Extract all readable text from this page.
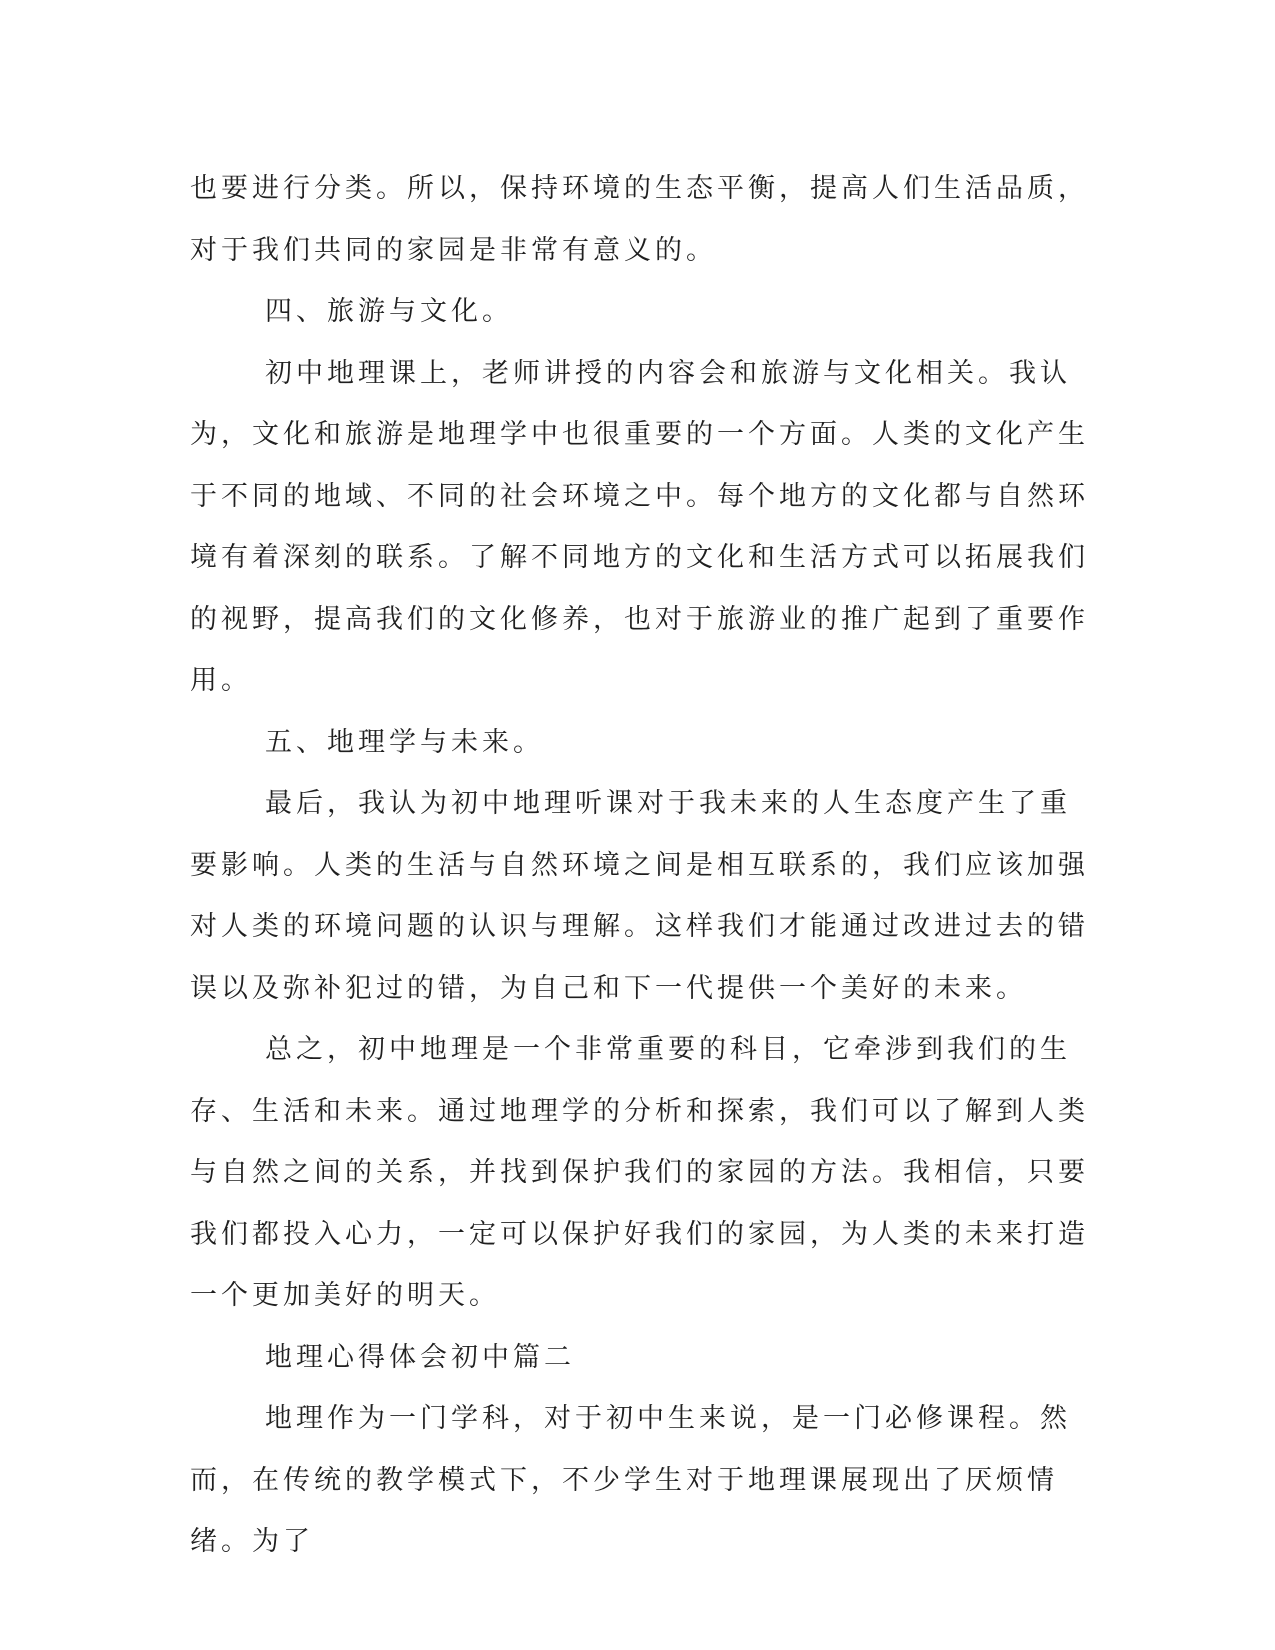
也要进行分类。所以，保持环境的生态平衡，提高人们生活品质，对于我们共同的家园是非常有意义的。

四、旅游与文化。

初中地理课上，老师讲授的内容会和旅游与文化相关。我认为，文化和旅游是地理学中也很重要的一个方面。人类的文化产生于不同的地域、不同的社会环境之中。每个地方的文化都与自然环境有着深刻的联系。了解不同地方的文化和生活方式可以拓展我们的视野，提高我们的文化修养，也对于旅游业的推广起到了重要作用。

五、地理学与未来。

最后，我认为初中地理听课对于我未来的人生态度产生了重要影响。人类的生活与自然环境之间是相互联系的，我们应该加强对人类的环境问题的认识与理解。这样我们才能通过改进过去的错误以及弥补犯过的错，为自己和下一代提供一个美好的未来。

总之，初中地理是一个非常重要的科目，它牵涉到我们的生存、生活和未来。通过地理学的分析和探索，我们可以了解到人类与自然之间的关系，并找到保护我们的家园的方法。我相信，只要我们都投入心力，一定可以保护好我们的家园，为人类的未来打造一个更加美好的明天。

地理心得体会初中篇二

地理作为一门学科，对于初中生来说，是一门必修课程。然而，在传统的教学模式下，不少学生对于地理课展现出了厌烦情绪。为了
